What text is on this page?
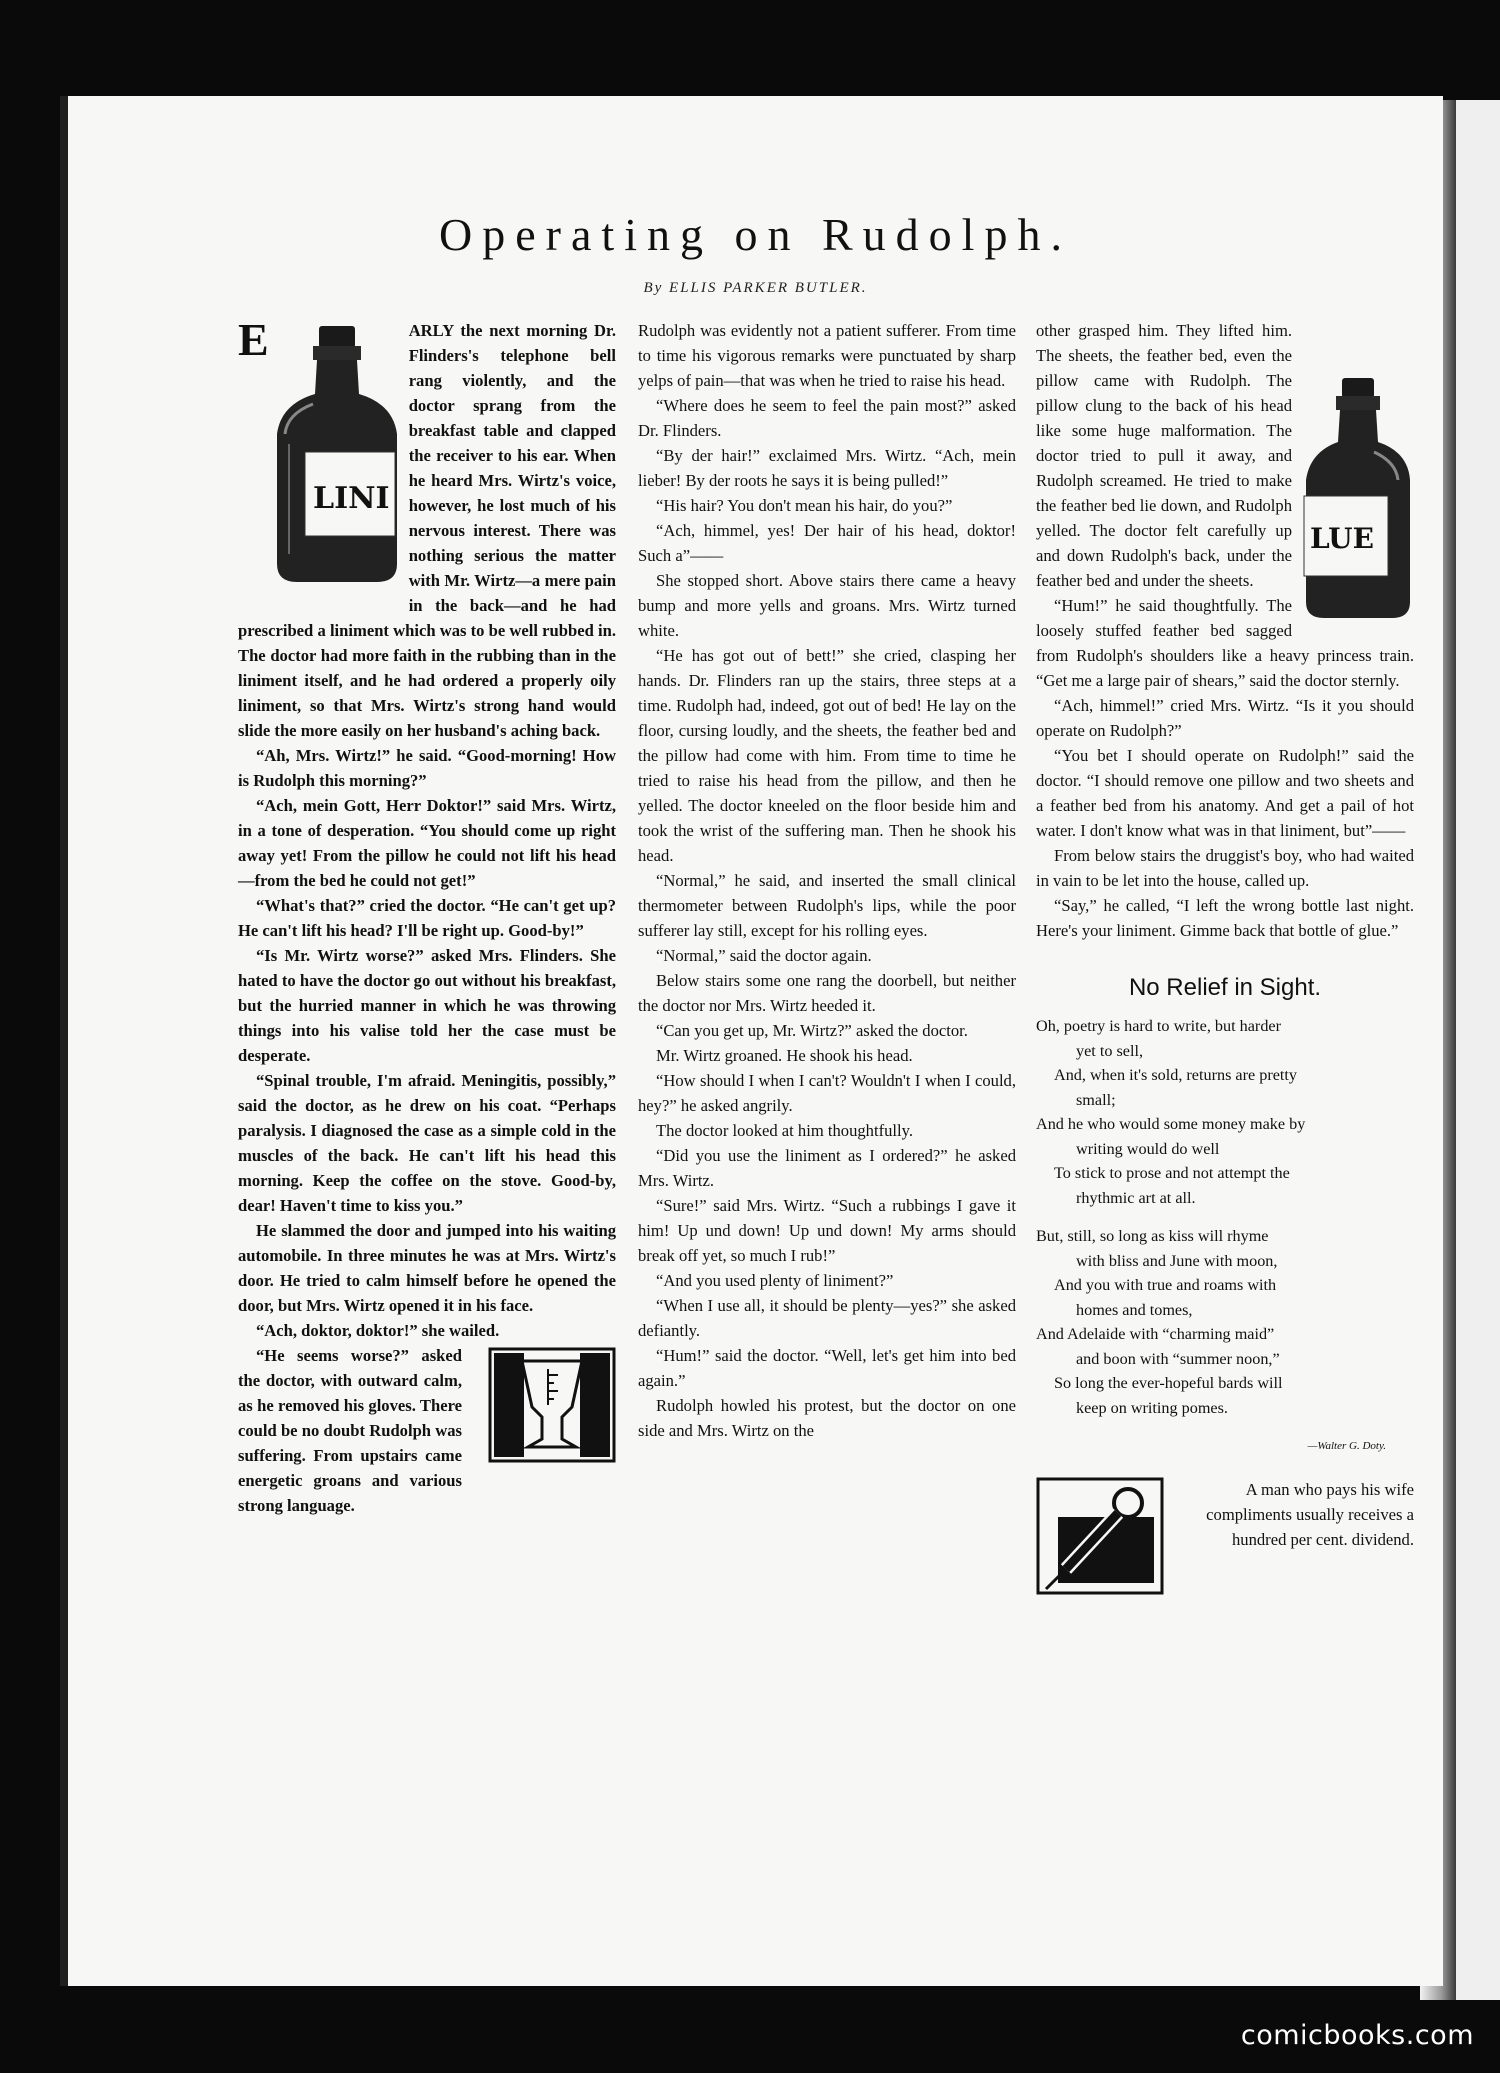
Operating on Rudolph.
By ELLIS PARKER BUTLER.

E
LINI
ARLY the next morning Dr. Flinders's telephone bell rang violently, and the doctor sprang from the breakfast table and clapped the receiver to his ear. When he heard Mrs. Wirtz's voice, however, he lost much of his nervous interest. There was nothing serious the matter with Mr. Wirtz—a mere pain in the back—and he had prescribed a liniment which was to be well rubbed in. The doctor had more faith in the rubbing than in the liniment itself, and he had ordered a properly oily liniment, so that Mrs. Wirtz's strong hand would slide the more easily on her husband's aching back.

“Ah, Mrs. Wirtz!” he said. “Good-morning! How is Rudolph this morning?”

“Ach, mein Gott, Herr Doktor!” said Mrs. Wirtz, in a tone of desperation. “You should come up right away yet! From the pillow he could not lift his head—from the bed he could not get!”

“What's that?” cried the doctor. “He can't get up? He can't lift his head? I'll be right up. Good-by!”

“Is Mr. Wirtz worse?” asked Mrs. Flinders. She hated to have the doctor go out without his breakfast, but the hurried manner in which he was throwing things into his valise told her the case must be desperate.

“Spinal trouble, I'm afraid. Meningitis, possibly,” said the doctor, as he drew on his coat. “Perhaps paralysis. I diagnosed the case as a simple cold in the muscles of the back. He can't lift his head this morning. Keep the coffee on the stove. Good-by, dear! Haven't time to kiss you.”

He slammed the door and jumped into his waiting automobile. In three minutes he was at Mrs. Wirtz's door. He tried to calm himself before he opened the door, but Mrs. Wirtz opened it in his face.

“Ach, doktor, doktor!” she wailed.

“He seems worse?” asked the doctor, with outward calm, as he removed his gloves. There could be no doubt Rudolph was suffering. From upstairs came energetic groans and various strong language.

Rudolph was evidently not a patient sufferer. From time to time his vigorous remarks were punctuated by sharp yelps of pain—that was when he tried to raise his head.

“Where does he seem to feel the pain most?” asked Dr. Flinders.

“By der hair!” exclaimed Mrs. Wirtz. “Ach, mein lieber! By der roots he says it is being pulled!”

“His hair? You don't mean his hair, do you?”

“Ach, himmel, yes! Der hair of his head, doktor! Such a”——

She stopped short. Above stairs there came a heavy bump and more yells and groans. Mrs. Wirtz turned white.

“He has got out of bett!” she cried, clasping her hands. Dr. Flinders ran up the stairs, three steps at a time. Rudolph had, indeed, got out of bed! He lay on the floor, cursing loudly, and the sheets, the feather bed and the pillow had come with him. From time to time he tried to raise his head from the pillow, and then he yelled. The doctor kneeled on the floor beside him and took the wrist of the suffering man. Then he shook his head.

“Normal,” he said, and inserted the small clinical thermometer between Rudolph's lips, while the poor sufferer lay still, except for his rolling eyes.

“Normal,” said the doctor again.

Below stairs some one rang the doorbell, but neither the doctor nor Mrs. Wirtz heeded it.

“Can you get up, Mr. Wirtz?” asked the doctor.

Mr. Wirtz groaned. He shook his head.

“How should I when I can't? Wouldn't I when I could, hey?” he asked angrily.

The doctor looked at him thoughtfully.

“Did you use the liniment as I ordered?” he asked Mrs. Wirtz.

“Sure!” said Mrs. Wirtz. “Such a rubbings I gave it him! Up und down! Up und down! My arms should break off yet, so much I rub!”

“And you used plenty of liniment?”

“When I use all, it should be plenty—yes?” she asked defiantly.

“Hum!” said the doctor. “Well, let's get him into bed again.”

Rudolph howled his protest, but the doctor on one side and Mrs. Wirtz on the

LUE
other grasped him. They lifted him. The sheets, the feather bed, even the pillow came with Rudolph. The pillow clung to the back of his head like some huge malformation. The doctor tried to pull it away, and Rudolph screamed. He tried to make the feather bed lie down, and Rudolph yelled. The doctor felt carefully up and down Rudolph's back, under the feather bed and under the sheets.

“Hum!” he said thoughtfully. The loosely stuffed feather bed sagged from Rudolph's shoulders like a heavy princess train. “Get me a large pair of shears,” said the doctor sternly.

“Ach, himmel!” cried Mrs. Wirtz. “Is it you should operate on Rudolph?”

“You bet I should operate on Rudolph!” said the doctor. “I should remove one pillow and two sheets and a feather bed from his anatomy. And get a pail of hot water. I don't know what was in that liniment, but”——

From below stairs the druggist's boy, who had waited in vain to be let into the house, called up.

“Say,” he called, “I left the wrong bottle last night. Here's your liniment. Gimme back that bottle of glue.”

No Relief in Sight.
Oh, poetry is hard to write, but harder
yet to sell,
And, when it's sold, returns are pretty
small;
And he who would some money make by
writing would do well
To stick to prose and not attempt the
rhythmic art at all.
But, still, so long as kiss will rhyme
with bliss and June with moon,
And you with true and roams with
homes and tomes,
And Adelaide with “charming maid”
and boon with “summer noon,”
So long the ever-hopeful bards will
keep on writing pomes.
—Walter G. Doty.
A man who pays his wife compliments usually receives a hundred per cent. dividend.
comicbooks.com
